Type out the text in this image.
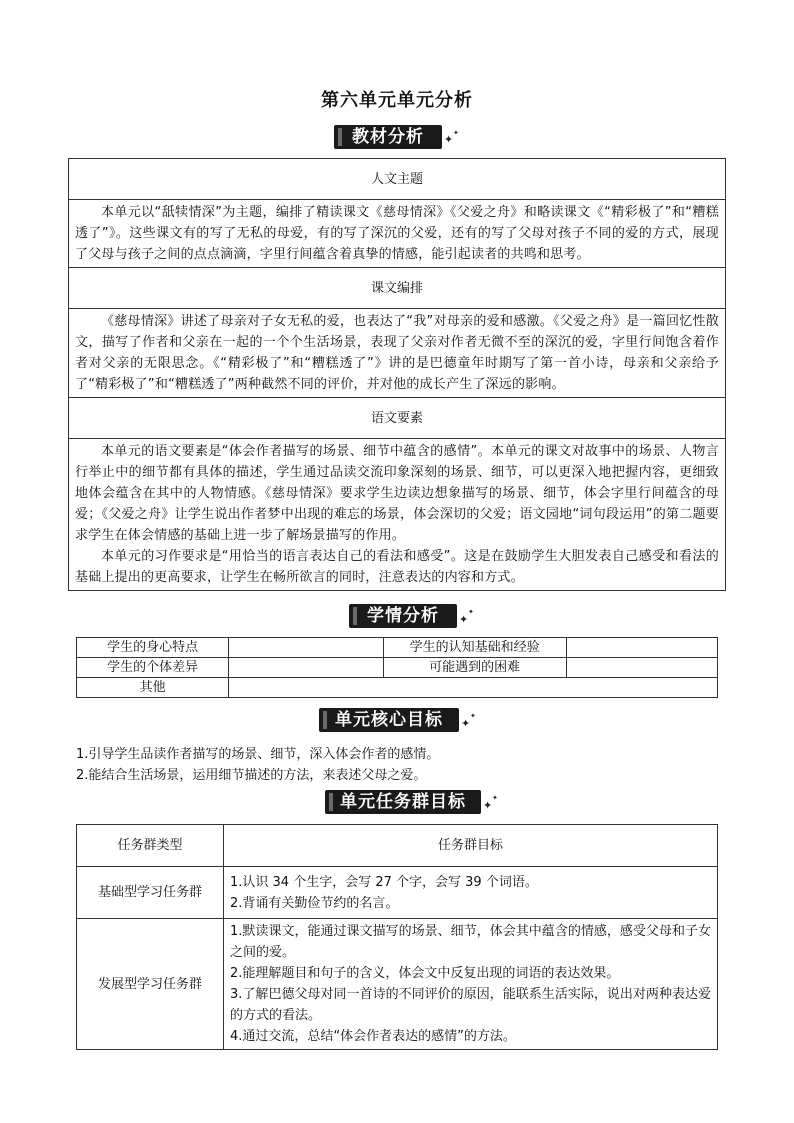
第六单元单元分析
教材分析	✦ ✦
人文主题
本单元以“舐犊情深”为主题，编排了精读课文《慈母情深》《父爱之舟》和略读课文《“精彩极了”和“糟糕透了”》。这些课文有的写了无私的母爱，有的写了深沉的父爱，还有的写了父母对孩子不同的爱的方式，展现了父母与孩子之间的点点滴滴，字里行间蕴含着真挚的情感，能引起读者的共鸣和思考。
课文编排
《慈母情深》讲述了母亲对子女无私的爱，也表达了“我”对母亲的爱和感激。《父爱之舟》是一篇回忆性散文，描写了作者和父亲在一起的一个个生活场景，表现了父亲对作者无微不至的深沉的爱，字里行间饱含着作者对父亲的无限思念。《“精彩极了”和“糟糕透了”》讲的是巴德童年时期写了第一首小诗，母亲和父亲给予了“精彩极了”和“糟糕透了”两种截然不同的评价，并对他的成长产生了深远的影响。
语文要素

本单元的语文要素是“体会作者描写的场景、细节中蕴含的感情”。本单元的课文对故事中的场景、人物言行举止中的细节都有具体的描述，学生通过品读交流印象深刻的场景、细节，可以更深入地把握内容，更细致地体会蕴含在其中的人物情感。《慈母情深》要求学生边读边想象描写的场景、细节，体会字里行间蕴含的母爱；《父爱之舟》让学生说出作者梦中出现的难忘的场景，体会深切的父爱；语文园地“词句段运用”的第二题要求学生在体会情感的基础上进一步了解场景描写的作用。
本单元的习作要求是“用恰当的语言表达自己的看法和感受”。这是在鼓励学生大胆发表自己感受和看法的基础上提出的更高要求，让学生在畅所欲言的同时，注意表达的内容和方式。
学情分析	✦
✦
学生的身心特点		学生的认知基础和经验	
学生的个体差异		可能遇到的困难	
其他			
单元核心目标	✦
✦
1.引导学生品读作者描写的场景、细节，深入体会作者的感情。
2.能结合生活场景，运用细节描述的方法，来表述父母之爱。
单元任务群目标	✦
✦
任务群类型	任务群目标
基础型学习任务群	1.认识 34 个生字，会写 27 个字，会写 39 个词语。
2.背诵有关勤俭节约的名言。

发展型学习任务群	1.默读课文，能通过课文描写的场景、细节，体会其中蕴含的情感，感受父母和子女之间的爱。
2.能理解题目和句子的含义，体会文中反复出现的词语的表达效果。
3.了解巴德父母对同一首诗的不同评价的原因，能联系生活实际，说出对两种表达爱的方式的看法。
4.通过交流，总结“体会作者表达的感情”的方法。
